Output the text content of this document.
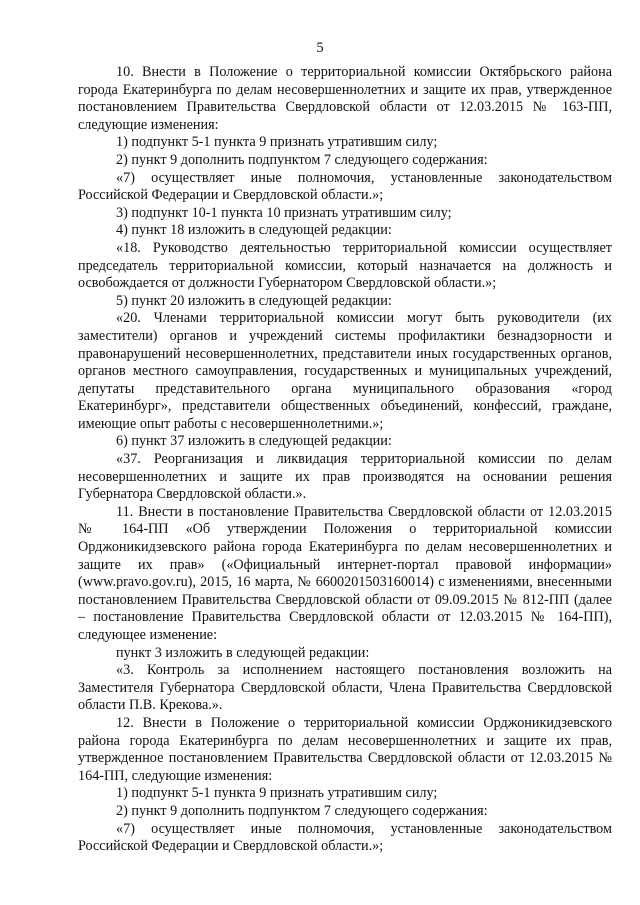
5

10. Внести в Положение о территориальной комиссии Октябрьского района города Екатеринбурга по делам несовершеннолетних и защите их прав, утвержденное постановлением Правительства Свердловской области от 12.03.2015 № 163-ПП, следующие изменения:

1) подпункт 5-1 пункта 9 признать утратившим силу;

2) пункт 9 дополнить подпунктом 7 следующего содержания:

«7) осуществляет иные полномочия, установленные законодательством Российской Федерации и Свердловской области.»;

3) подпункт 10-1 пункта 10 признать утратившим силу;

4) пункт 18 изложить в следующей редакции:

«18. Руководство деятельностью территориальной комиссии осуществляет председатель территориальной комиссии, который назначается на должность и освобождается от должности Губернатором Свердловской области.»;

5) пункт 20 изложить в следующей редакции:

«20. Членами территориальной комиссии могут быть руководители (их заместители) органов и учреждений системы профилактики безнадзорности и правонарушений несовершеннолетних, представители иных государственных органов, органов местного самоуправления, государственных и муниципальных учреждений, депутаты представительного органа муниципального образования «город Екатеринбург», представители общественных объединений, конфессий, граждане, имеющие опыт работы с несовершеннолетними.»;

6) пункт 37 изложить в следующей редакции:

«37. Реорганизация и ликвидация территориальной комиссии по делам несовершеннолетних и защите их прав производятся на основании решения Губернатора Свердловской области.».

11. Внести в постановление Правительства Свердловской области от 12.03.2015 № 164-ПП «Об утверждении Положения о территориальной комиссии Орджоникидзевского района города Екатеринбурга по делам несовершеннолетних и защите их прав» («Официальный интернет-портал правовой информации» (www.pravo.gov.ru), 2015, 16 марта, № 6600201503160014) с изменениями, внесенными постановлением Правительства Свердловской области от 09.09.2015 № 812-ПП (далее – постановление Правительства Свердловской области от 12.03.2015 № 164-ПП), следующее изменение:

пункт 3 изложить в следующей редакции:

«3. Контроль за исполнением настоящего постановления возложить на Заместителя Губернатора Свердловской области, Члена Правительства Свердловской области П.В. Крекова.».

12. Внести в Положение о территориальной комиссии Орджоникидзевского района города Екатеринбурга по делам несовершеннолетних и защите их прав, утвержденное постановлением Правительства Свердловской области от 12.03.2015 № 164-ПП, следующие изменения:

1) подпункт 5-1 пункта 9 признать утратившим силу;

2) пункт 9 дополнить подпунктом 7 следующего содержания:

«7) осуществляет иные полномочия, установленные законодательством Российской Федерации и Свердловской области.»;
